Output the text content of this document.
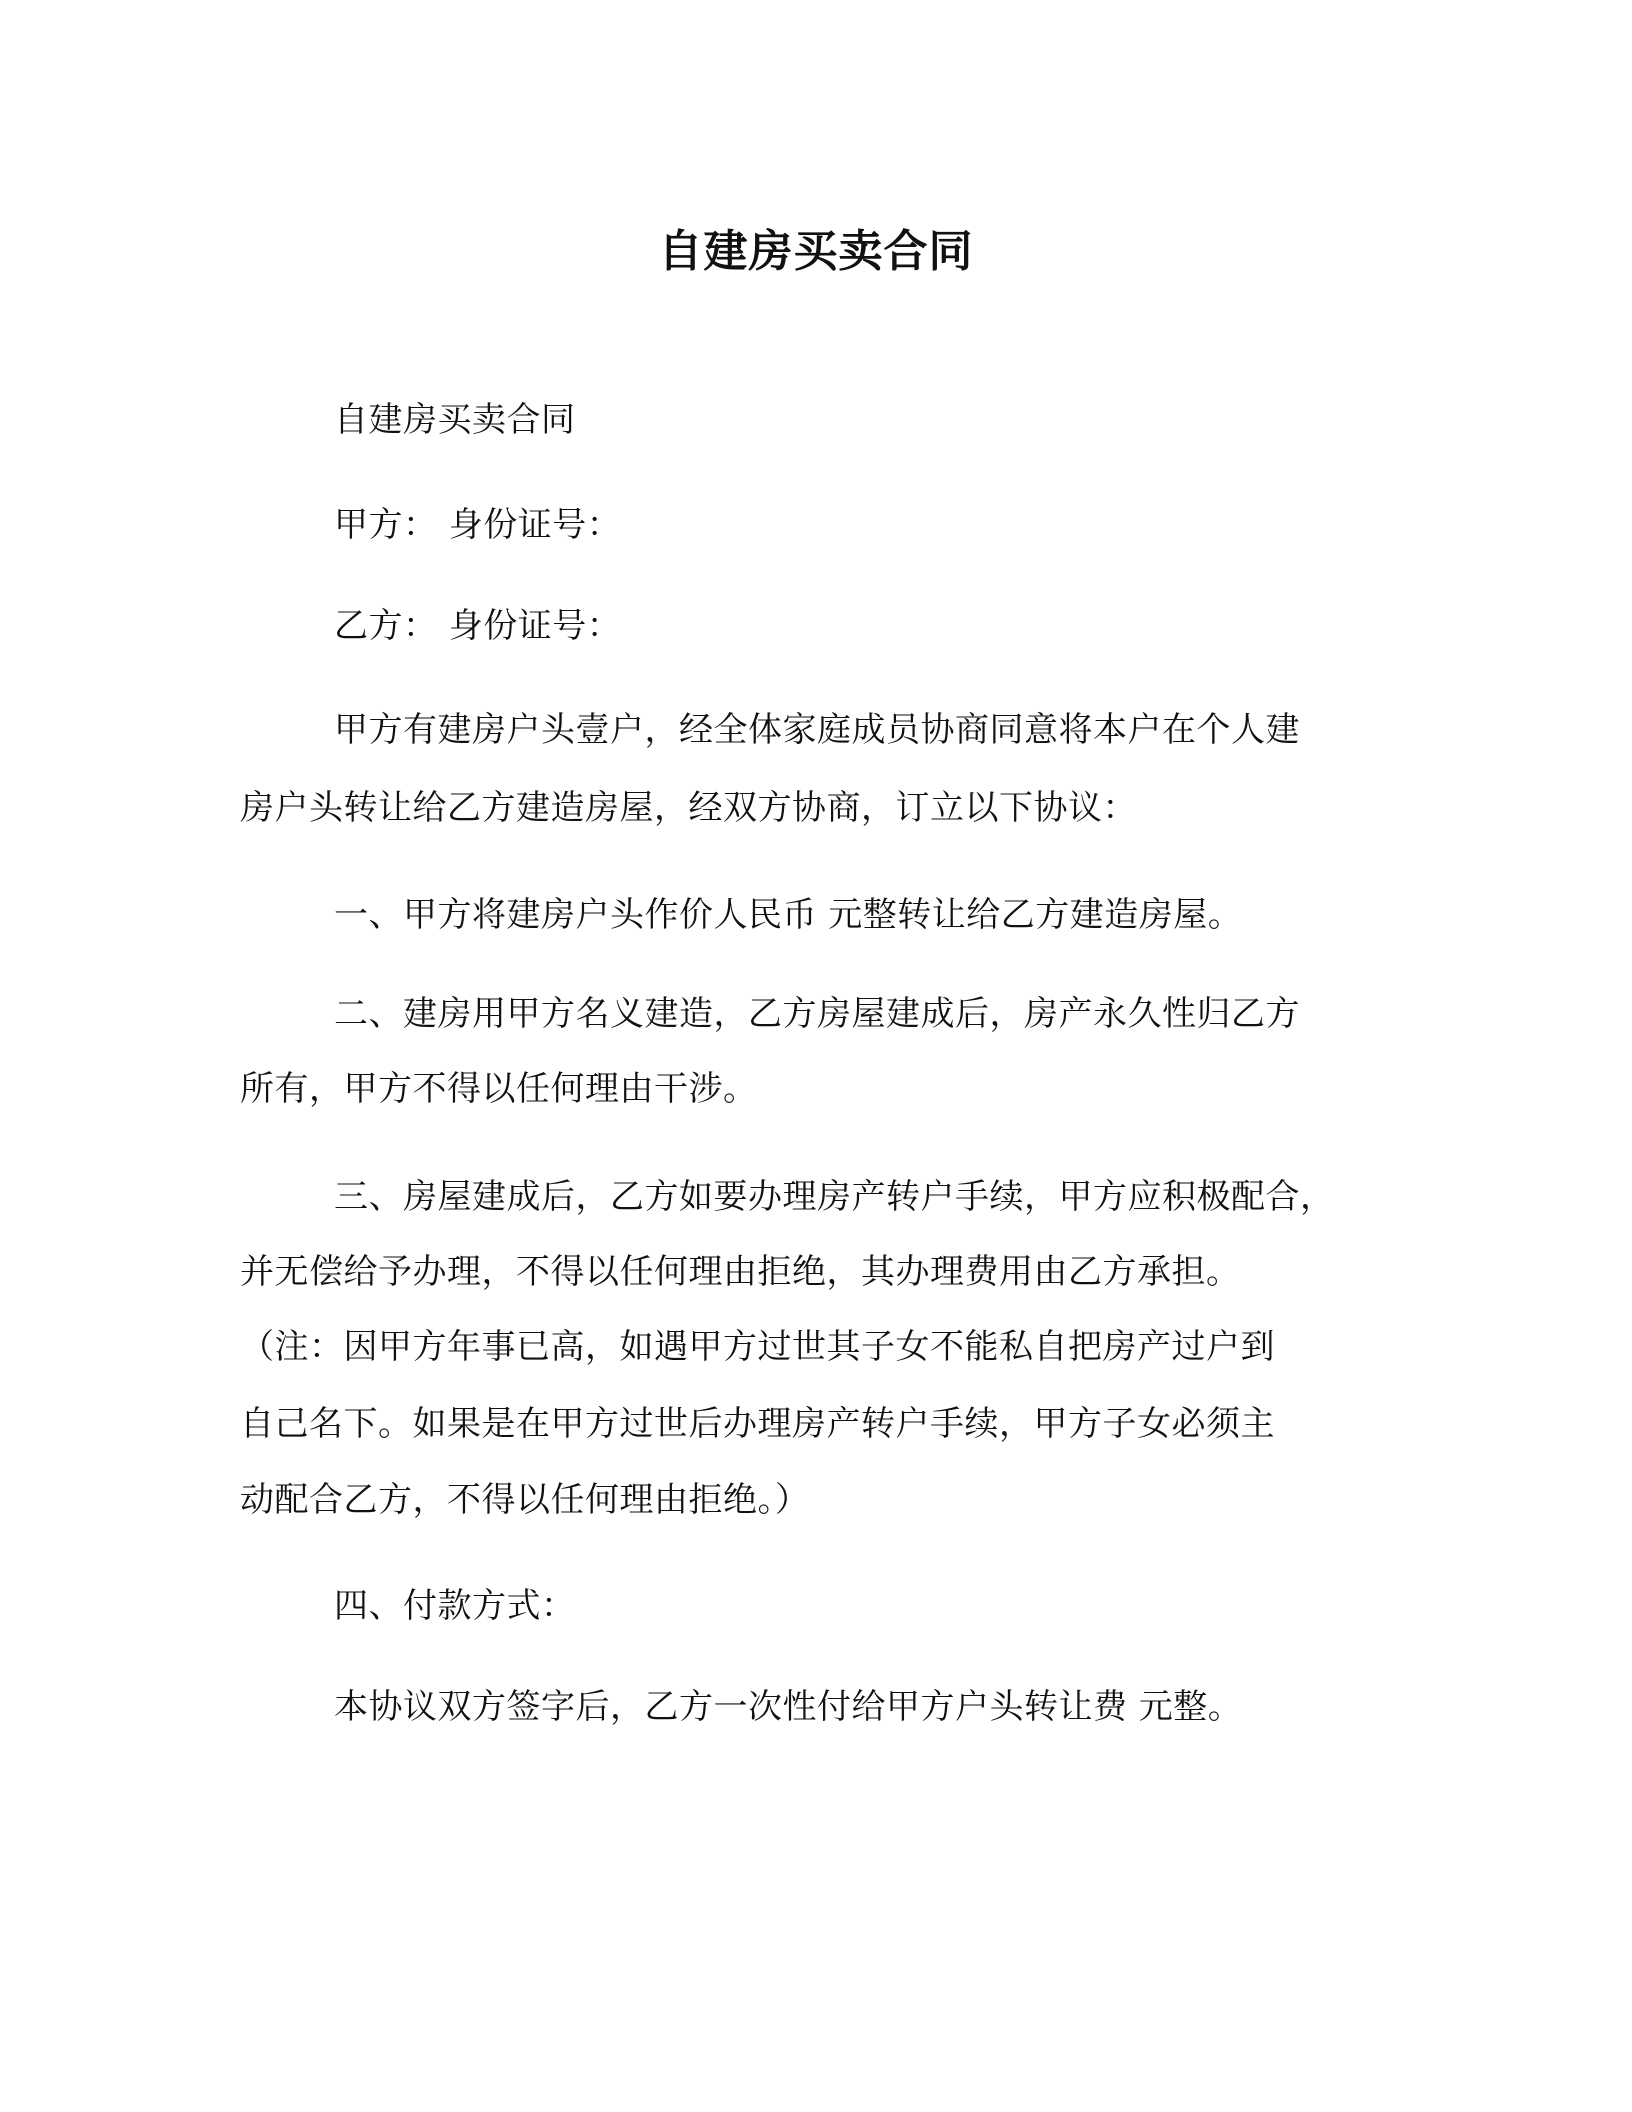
自建房买卖合同
自建房买卖合同
甲方： 身份证号：
乙方： 身份证号：
甲方有建房户头壹户，经全体家庭成员协商同意将本户在个人建
房户头转让给乙方建造房屋，经双方协商，订立以下协议：
一、甲方将建房户头作价人民币 元整转让给乙方建造房屋。
二、建房用甲方名义建造，乙方房屋建成后，房产永久性归乙方
所有，甲方不得以任何理由干涉。
三、房屋建成后，乙方如要办理房产转户手续，甲方应积极配合，
并无偿给予办理，不得以任何理由拒绝，其办理费用由乙方承担。
（注：因甲方年事已高，如遇甲方过世其子女不能私自把房产过户到
自己名下。如果是在甲方过世后办理房产转户手续，甲方子女必须主
动配合乙方，不得以任何理由拒绝。）
四、付款方式：
本协议双方签字后，乙方一次性付给甲方户头转让费 元整。
